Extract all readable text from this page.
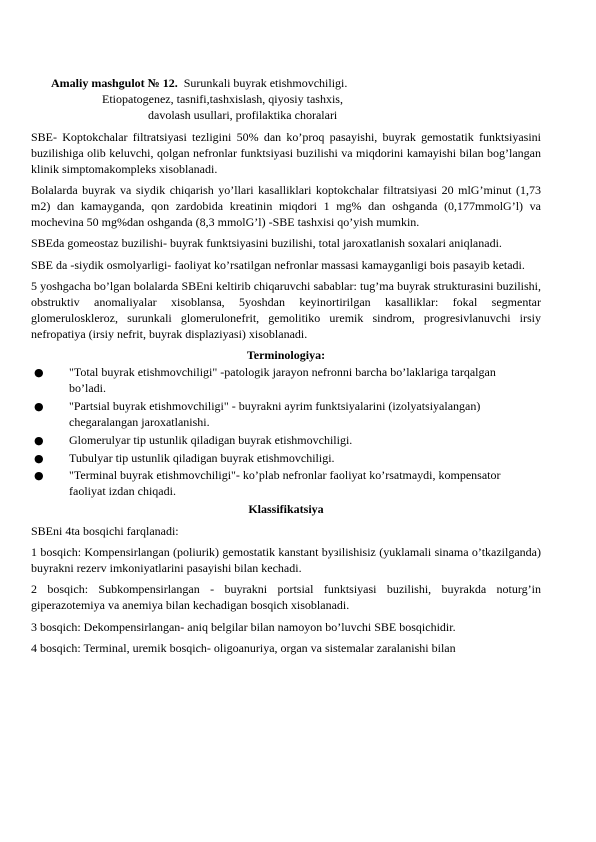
Amaliy mashgulot № 12.  Surunkali buyrak etishmovchiligi.
Etiopatogenez, tasnifi,tashxislash, qiyosiy tashxis,
davolash usullari, profilaktika choralari

SBE- Koptokchalar filtratsiyasi tezligini 50% dan ko’proq pasayishi, buyrak gemostatik funktsiyasini buzilishiga olib keluvchi, qolgan nefronlar funktsiyasi buzilishi va miqdorini kamayishi bilan bog’langan klinik simptomakompleks xisoblanadi.

Bolalarda buyrak va siydik chiqarish yo’llari kasalliklari koptokchalar filtratsiyasi 20 mlG’minut (1,73 m2) dan kamayganda, qon zardobida kreatinin miqdori 1 mg% dan oshganda (0,177mmolG’l) va mochevina 50 mg%dan oshganda (8,3 mmolG’l) -SBE tashxisi qo’yish mumkin.

SBEda gomeostaz buzilishi- buyrak funktsiyasini buzilishi, total jaroxatlanish soxalari aniqlanadi.

SBE da -siydik osmolyarligi- faoliyat ko’rsatilgan nefronlar massasi kamayganligi bois pasayib ketadi.

5 yoshgacha bo’lgan bolalarda SBEni keltirib chiqaruvchi sabablar: tug’ma buyrak strukturasini buzilishi, obstruktiv anomaliyalar xisoblansa, 5yoshdan keyinortirilgan kasalliklar: fokal segmentar glomeruloskleroz, surunkali glomerulonefrit, gemolitiko uremik sindrom, progresivlanuvchi irsiy nefropatiya (irsiy nefrit, buyrak displaziyasi) xisoblanadi.

Terminologiya:
● "Total buyrak etishmovchiligi" -patologik jarayon nefronni barcha bo’laklariga tarqalgan bo’ladi.
● "Partsial buyrak etishmovchiligi" - buyrakni ayrim funktsiyalarini (izolyatsiyalangan) chegaralangan jaroxatlanishi.
● Glomerulyar tip ustunlik qiladigan buyrak etishmovchiligi.
● Tubulyar tip ustunlik qiladigan buyrak etishmovchiligi.
● "Terminal buyrak etishmovchiligi"- ko’plab nefronlar faoliyat ko’rsatmaydi, kompensator faoliyat izdan chiqadi.
Klassifikatsiya

SBEni 4ta bosqichi farqlanadi:

1 bosqich: Kompensirlangan (poliurik) gemostatik kanstant bузilishisiz (yuklamali sinama o’tkazilganda) buyrakni rezerv imkoniyatlarini pasayishi bilan kechadi.

2 bosqich: Subkompensirlangan - buyrakni portsial funktsiyasi buzilishi, buyrakda noturg’in giperazotemiya va anemiya bilan kechadigan bosqich xisoblanadi.

3 bosqich: Dekompensirlangan- aniq belgilar bilan namoyon bo’luvchi SBE bosqichidir.

4 bosqich: Terminal, uremik bosqich- oligoanuriya, organ va sistemalar zaralanishi bilan
